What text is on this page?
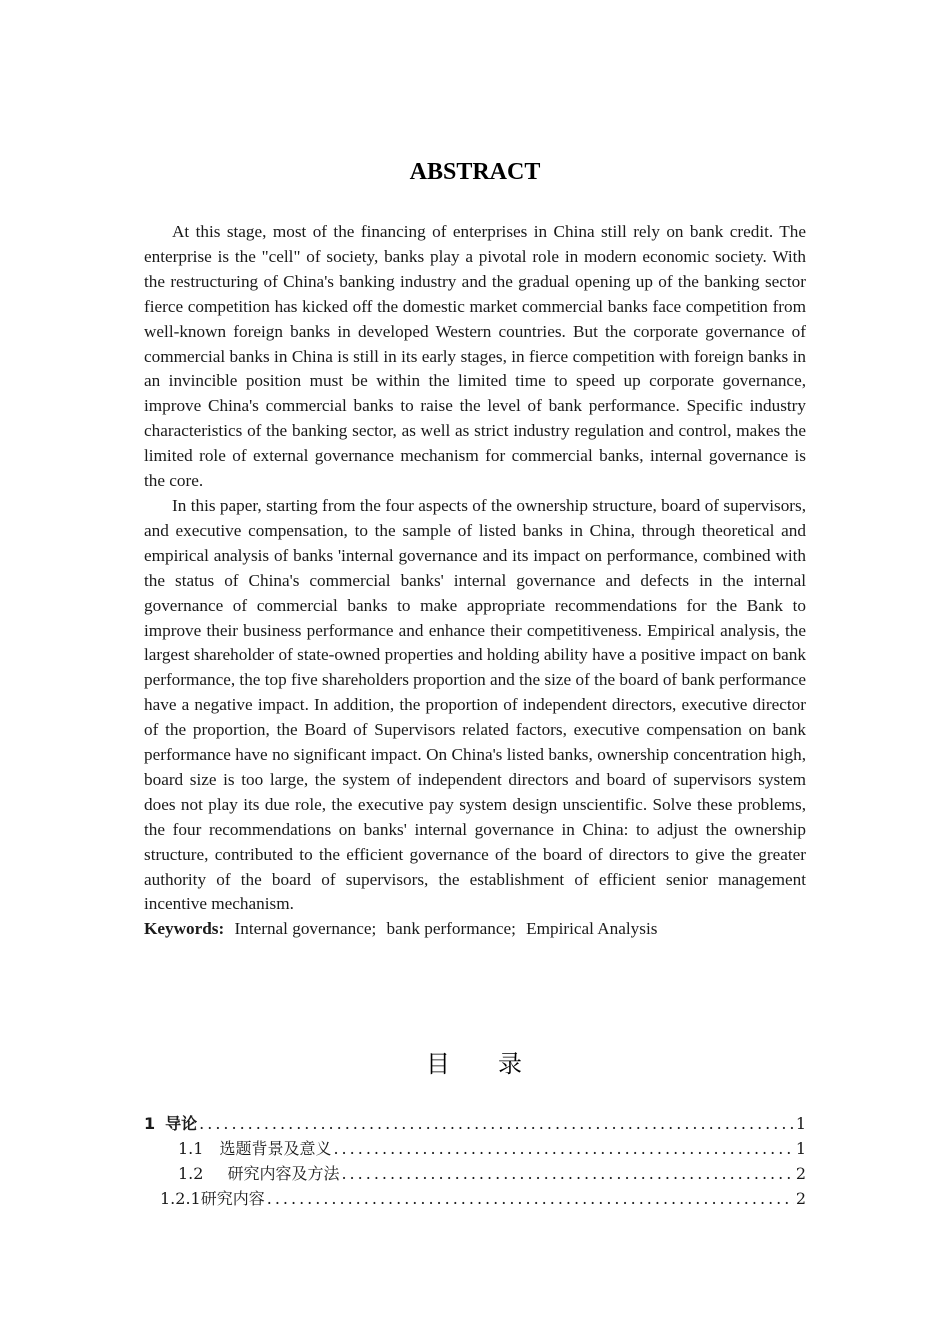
ABSTRACT

At this stage, most of the financing of enterprises in China still rely on bank credit. The enterprise is the "cell" of society, banks play a pivotal role in modern economic society. With the restructuring of China's banking industry and the gradual opening up of the banking sector fierce competition has kicked off the domestic market commercial banks face competition from well-known foreign banks in developed Western countries. But the corporate governance of commercial banks in China is still in its early stages, in fierce competition with foreign banks in an invincible position must be within the limited time to speed up corporate governance, improve China's commercial banks to raise the level of bank performance. Specific industry characteristics of the banking sector, as well as strict industry regulation and control, makes the limited role of external governance mechanism for commercial banks, internal governance is the core.

In this paper, starting from the four aspects of the ownership structure, board of supervisors, and executive compensation, to the sample of listed banks in China, through theoretical and empirical analysis of banks 'internal governance and its impact on performance, combined with the status of China's commercial banks' internal governance and defects in the internal governance of commercial banks to make appropriate recommendations for the Bank to improve their business performance and enhance their competitiveness. Empirical analysis, the largest shareholder of state-owned properties and holding ability have a positive impact on bank performance, the top five shareholders proportion and the size of the board of bank performance have a negative impact. In addition, the proportion of independent directors, executive director of the proportion, the Board of Supervisors related factors, executive compensation on bank performance have no significant impact. On China's listed banks, ownership concentration high, board size is too large, the system of independent directors and board of supervisors system does not play its due role, the executive pay system design unscientific. Solve these problems, the four recommendations on banks' internal governance in China: to adjust the ownership structure, contributed to the efficient governance of the board of directors to give the greater authority of the board of supervisors, the establishment of efficient senior management incentive mechanism.

Keywords: Internal governance; bank performance; Empirical Analysis

目 录
1 导论 .....	1
1.1 选题背景及意义 .....	1
1.2 研究内容及方法 .....	2
1.2.1 研究内容 .....	2
